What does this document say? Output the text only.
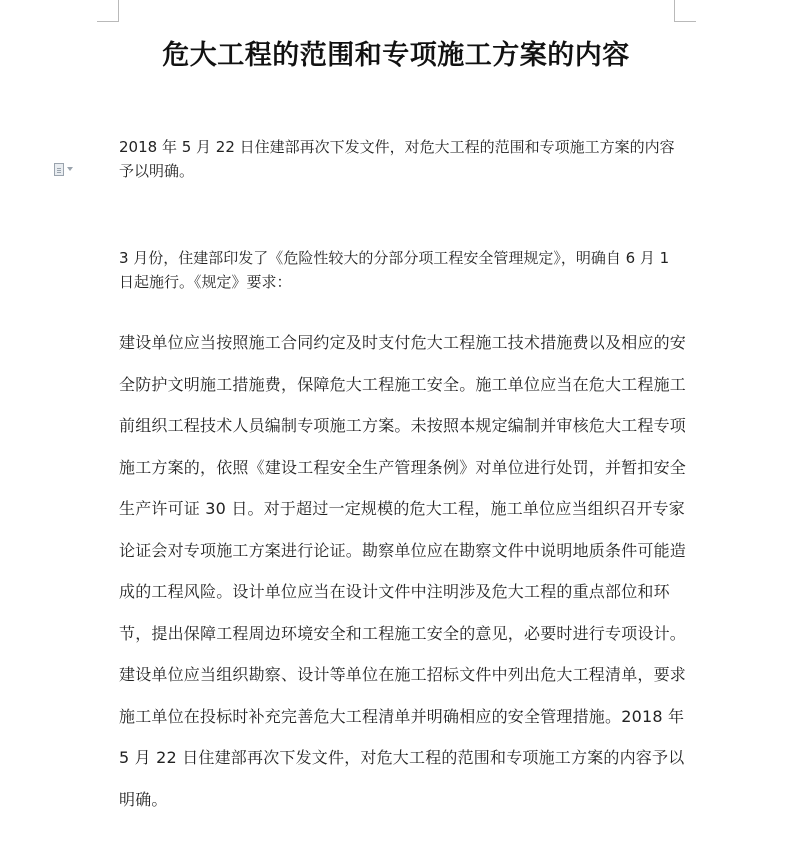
危大工程的范围和专项施工方案的内容

2018 年 5 月 22 日住建部再次下发文件，对危大工程的范围和专项施工方案的内容予以明确。

3 月份，住建部印发了《危险性较大的分部分项工程安全管理规定》，明确自 6 月 1 日起施行。《规定》要求：

建设单位应当按照施工合同约定及时支付危大工程施工技术措施费以及相应的安全防护文明施工措施费，保障危大工程施工安全。施工单位应当在危大工程施工前组织工程技术人员编制专项施工方案。未按照本规定编制并审核危大工程专项施工方案的，依照《建设工程安全生产管理条例》对单位进行处罚，并暂扣安全生产许可证 30 日。对于超过一定规模的危大工程，施工单位应当组织召开专家论证会对专项施工方案进行论证。勘察单位应在勘察文件中说明地质条件可能造成的工程风险。设计单位应当在设计文件中注明涉及危大工程的重点部位和环节，提出保障工程周边环境安全和工程施工安全的意见，必要时进行专项设计。建设单位应当组织勘察、设计等单位在施工招标文件中列出危大工程清单，要求施工单位在投标时补充完善危大工程清单并明确相应的安全管理措施。2018 年 5 月 22 日住建部再次下发文件，对危大工程的范围和专项施工方案的内容予以明确。
